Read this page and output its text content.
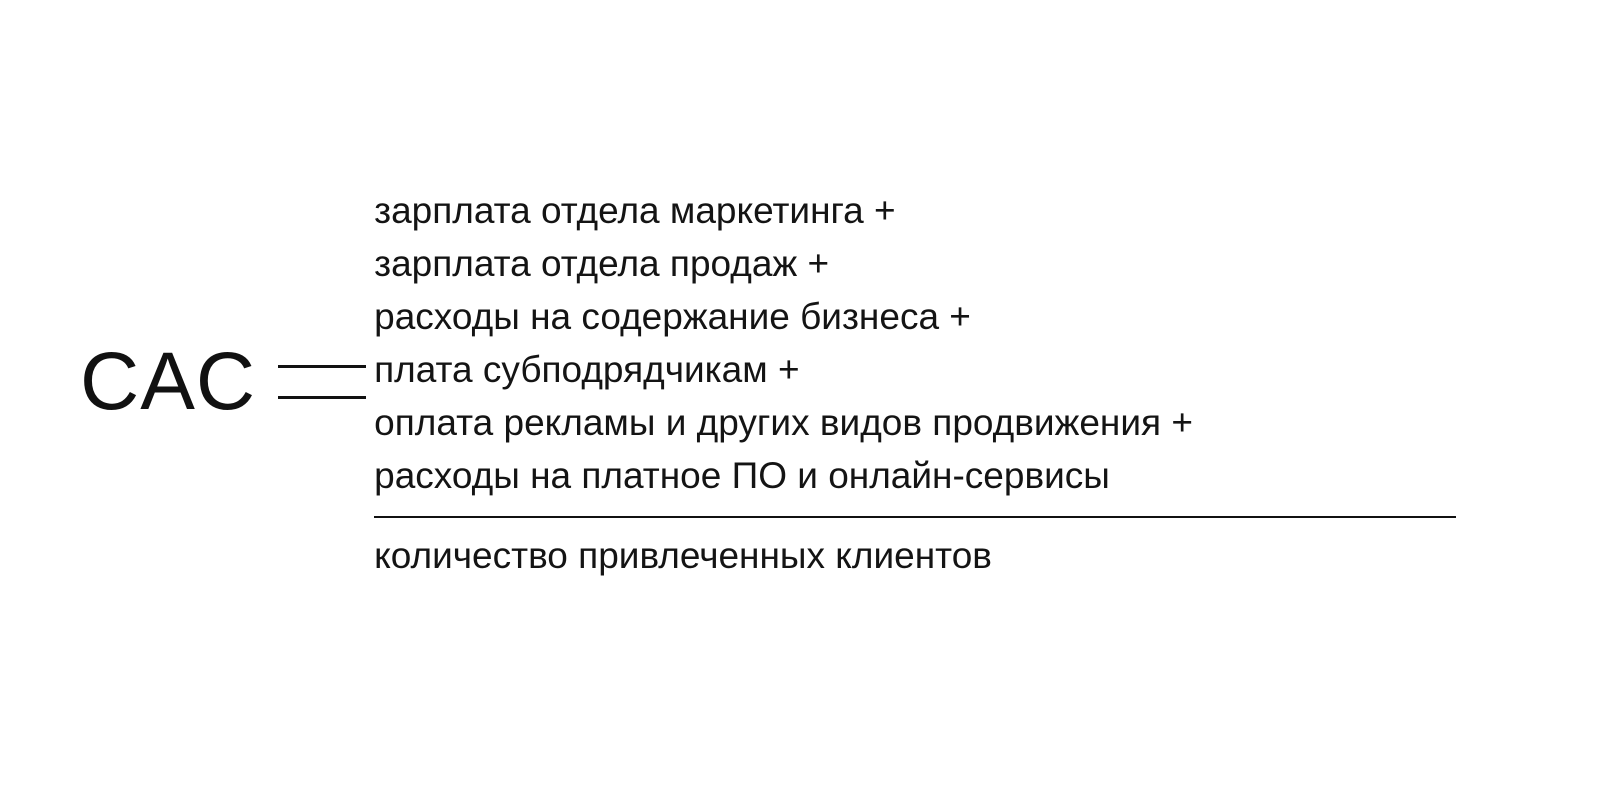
CAC
зарплата отдела маркетинга +
зарплата отдела продаж +
расходы на содержание бизнеса +
плата субподрядчикам +
оплата рекламы и других видов продвижения +
расходы на платное ПО и онлайн-сервисы
количество привлеченных клиентов
